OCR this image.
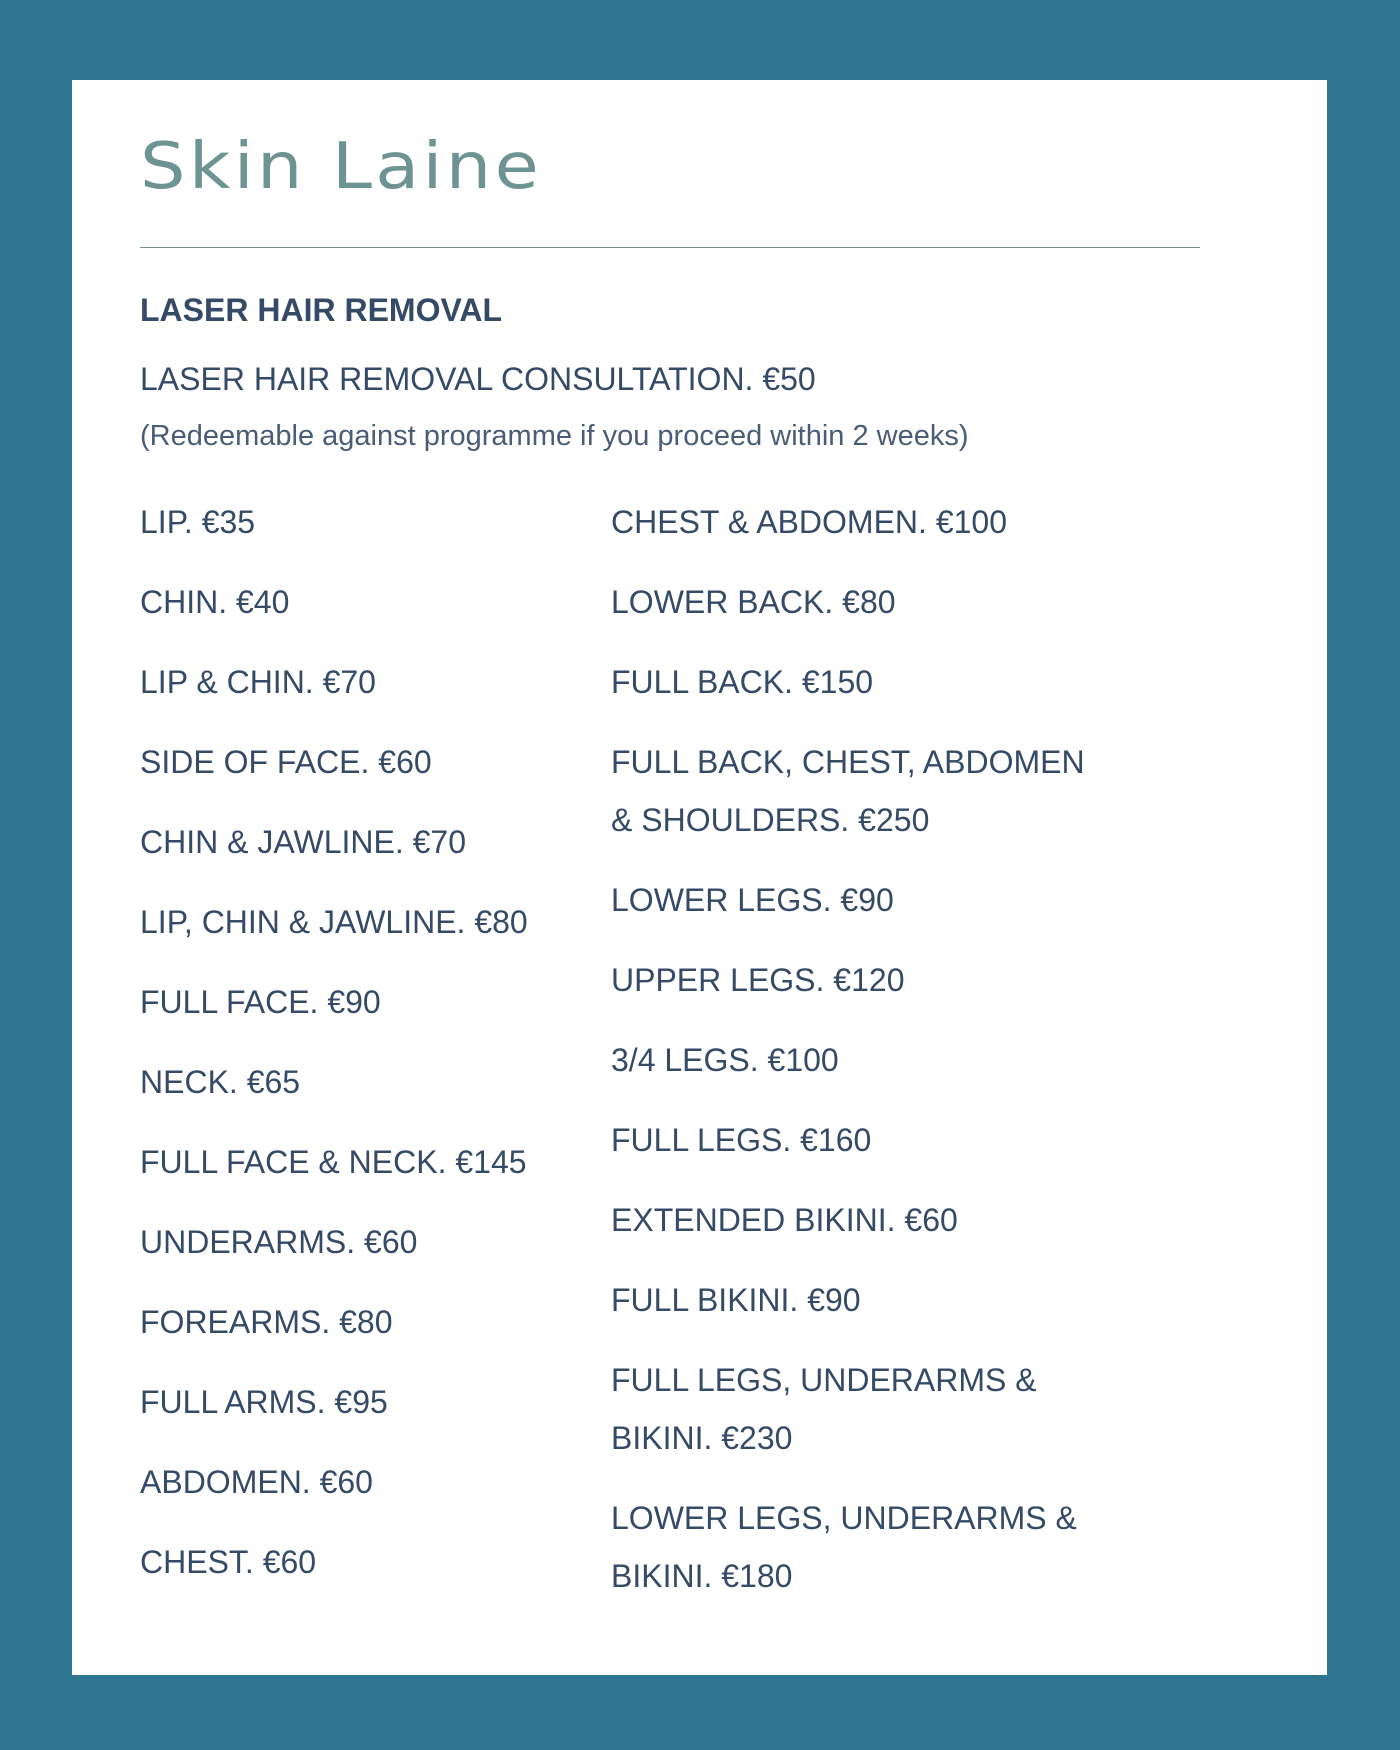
Skin Laine
LASER HAIR REMOVAL
LASER HAIR REMOVAL CONSULTATION. €50
(Redeemable against programme if you proceed within 2 weeks)
LIP. €35
CHIN. €40
LIP & CHIN. €70
SIDE OF FACE. €60
CHIN & JAWLINE. €70
LIP, CHIN & JAWLINE. €80
FULL FACE. €90
NECK. €65
FULL FACE & NECK. €145
UNDERARMS. €60
FOREARMS. €80
FULL ARMS. €95
ABDOMEN. €60
CHEST. €60
CHEST & ABDOMEN. €100
LOWER BACK. €80
FULL BACK. €150
FULL BACK, CHEST, ABDOMEN & SHOULDERS. €250
LOWER LEGS. €90
UPPER LEGS. €120
3/4 LEGS. €100
FULL LEGS. €160
EXTENDED BIKINI. €60
FULL BIKINI. €90
FULL LEGS, UNDERARMS & BIKINI. €230
LOWER LEGS, UNDERARMS & BIKINI. €180
